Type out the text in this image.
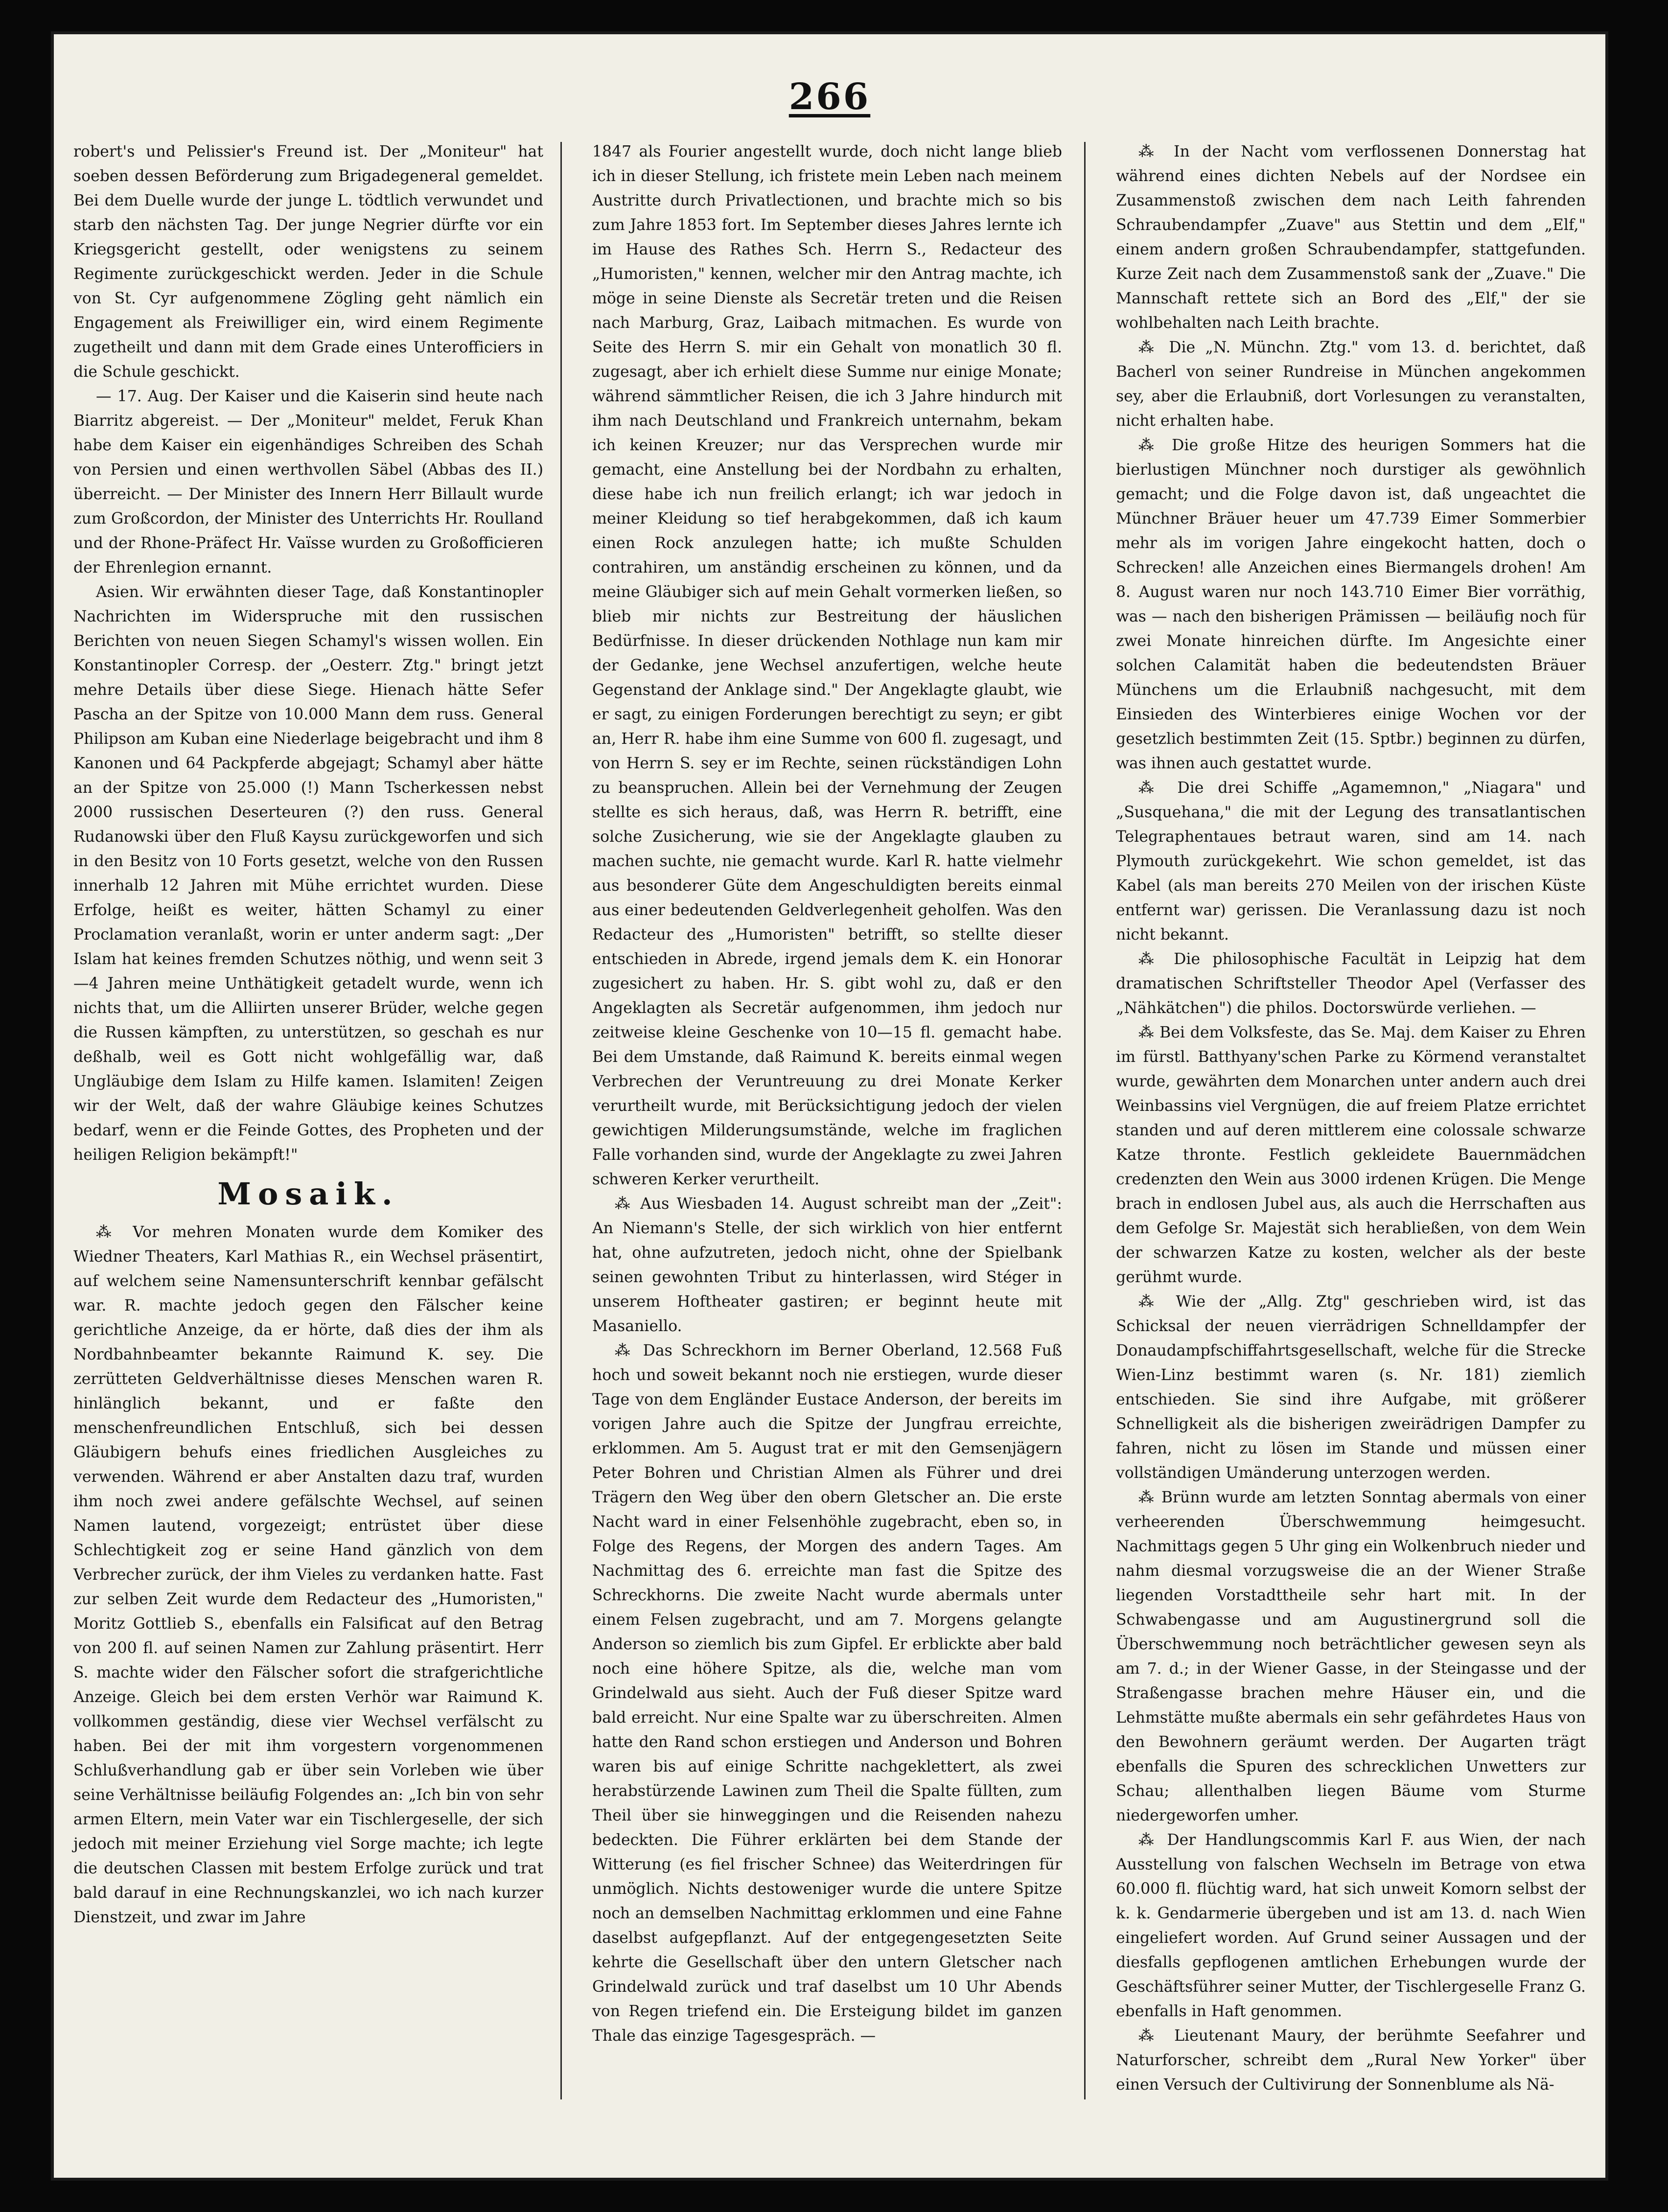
266

robert's und Pelissier's Freund ist. Der „Moniteur" hat soeben dessen Beförderung zum Brigadegeneral gemeldet. Bei dem Duelle wurde der junge L. tödtlich verwundet und starb den nächsten Tag. Der junge Negrier dürfte vor ein Kriegsgericht gestellt, oder wenigstens zu seinem Regimente zurückgeschickt werden. Jeder in die Schule von St. Cyr aufgenommene Zögling geht nämlich ein Engagement als Freiwilliger ein, wird einem Regimente zugetheilt und dann mit dem Grade eines Unterofficiers in die Schule geschickt.

— 17. Aug. Der Kaiser und die Kaiserin sind heute nach Biarritz abgereist. — Der „Moniteur" meldet, Feruk Khan habe dem Kaiser ein eigenhändiges Schreiben des Schah von Persien und einen werthvollen Säbel (Abbas des II.) überreicht. — Der Minister des Innern Herr Billault wurde zum Großcordon, der Minister des Unterrichts Hr. Roulland und der Rhone-Präfect Hr. Vaïsse wurden zu Großofficieren der Ehrenlegion ernannt.

Asien. Wir erwähnten dieser Tage, daß Konstantinopler Nachrichten im Widerspruche mit den russischen Berichten von neuen Siegen Schamyl's wissen wollen. Ein Konstantinopler Corresp. der „Oesterr. Ztg." bringt jetzt mehre Details über diese Siege. Hienach hätte Sefer Pascha an der Spitze von 10.000 Mann dem russ. General Philipson am Kuban eine Niederlage beigebracht und ihm 8 Kanonen und 64 Packpferde abgejagt; Schamyl aber hätte an der Spitze von 25.000 (!) Mann Tscherkessen nebst 2000 russischen Deserteuren (?) den russ. General Rudanowski über den Fluß Kaysu zurückgeworfen und sich in den Besitz von 10 Forts gesetzt, welche von den Russen innerhalb 12 Jahren mit Mühe errichtet wurden. Diese Erfolge, heißt es weiter, hätten Schamyl zu einer Proclamation veranlaßt, worin er unter anderm sagt: „Der Islam hat keines fremden Schutzes nöthig, und wenn seit 3—4 Jahren meine Unthätigkeit getadelt wurde, wenn ich nichts that, um die Alliirten unserer Brüder, welche gegen die Russen kämpften, zu unterstützen, so geschah es nur deßhalb, weil es Gott nicht wohlgefällig war, daß Ungläubige dem Islam zu Hilfe kamen. Islamiten! Zeigen wir der Welt, daß der wahre Gläubige keines Schutzes bedarf, wenn er die Feinde Gottes, des Propheten und der heiligen Religion bekämpft!"

Mosaik.

⁂ Vor mehren Monaten wurde dem Komiker des Wiedner Theaters, Karl Mathias R., ein Wechsel präsentirt, auf welchem seine Namensunterschrift kennbar gefälscht war. R. machte jedoch gegen den Fälscher keine gerichtliche Anzeige, da er hörte, daß dies der ihm als Nordbahnbeamter bekannte Raimund K. sey. Die zerrütteten Geldverhältnisse dieses Menschen waren R. hinlänglich bekannt, und er faßte den menschenfreundlichen Entschluß, sich bei dessen Gläubigern behufs eines friedlichen Ausgleiches zu verwenden. Während er aber Anstalten dazu traf, wurden ihm noch zwei andere gefälschte Wechsel, auf seinen Namen lautend, vorgezeigt; entrüstet über diese Schlechtigkeit zog er seine Hand gänzlich von dem Verbrecher zurück, der ihm Vieles zu verdanken hatte. Fast zur selben Zeit wurde dem Redacteur des „Humoristen," Moritz Gottlieb S., ebenfalls ein Falsificat auf den Betrag von 200 fl. auf seinen Namen zur Zahlung präsentirt. Herr S. machte wider den Fälscher sofort die strafgerichtliche Anzeige. Gleich bei dem ersten Verhör war Raimund K. vollkommen geständig, diese vier Wechsel verfälscht zu haben. Bei der mit ihm vorgestern vorgenommenen Schlußverhandlung gab er über sein Vorleben wie über seine Verhältnisse beiläufig Folgendes an: „Ich bin von sehr armen Eltern, mein Vater war ein Tischlergeselle, der sich jedoch mit meiner Erziehung viel Sorge machte; ich legte die deutschen Classen mit bestem Erfolge zurück und trat bald darauf in eine Rechnungskanzlei, wo ich nach kurzer Dienstzeit, und zwar im Jahre

1847 als Fourier angestellt wurde, doch nicht lange blieb ich in dieser Stellung, ich fristete mein Leben nach meinem Austritte durch Privatlectionen, und brachte mich so bis zum Jahre 1853 fort. Im September dieses Jahres lernte ich im Hause des Rathes Sch. Herrn S., Redacteur des „Humoristen," kennen, welcher mir den Antrag machte, ich möge in seine Dienste als Secretär treten und die Reisen nach Marburg, Graz, Laibach mitmachen. Es wurde von Seite des Herrn S. mir ein Gehalt von monatlich 30 fl. zugesagt, aber ich erhielt diese Summe nur einige Monate; während sämmtlicher Reisen, die ich 3 Jahre hindurch mit ihm nach Deutschland und Frankreich unternahm, bekam ich keinen Kreuzer; nur das Versprechen wurde mir gemacht, eine Anstellung bei der Nordbahn zu erhalten, diese habe ich nun freilich erlangt; ich war jedoch in meiner Kleidung so tief herabgekommen, daß ich kaum einen Rock anzulegen hatte; ich mußte Schulden contrahiren, um anständig erscheinen zu können, und da meine Gläubiger sich auf mein Gehalt vormerken ließen, so blieb mir nichts zur Bestreitung der häuslichen Bedürfnisse. In dieser drückenden Nothlage nun kam mir der Gedanke, jene Wechsel anzufertigen, welche heute Gegenstand der Anklage sind." Der Angeklagte glaubt, wie er sagt, zu einigen Forderungen berechtigt zu seyn; er gibt an, Herr R. habe ihm eine Summe von 600 fl. zugesagt, und von Herrn S. sey er im Rechte, seinen rückständigen Lohn zu beanspruchen. Allein bei der Vernehmung der Zeugen stellte es sich heraus, daß, was Herrn R. betrifft, eine solche Zusicherung, wie sie der Angeklagte glauben zu machen suchte, nie gemacht wurde. Karl R. hatte vielmehr aus besonderer Güte dem Angeschuldigten bereits einmal aus einer bedeutenden Geldverlegenheit geholfen. Was den Redacteur des „Humoristen" betrifft, so stellte dieser entschieden in Abrede, irgend jemals dem K. ein Honorar zugesichert zu haben. Hr. S. gibt wohl zu, daß er den Angeklagten als Secretär aufgenommen, ihm jedoch nur zeitweise kleine Geschenke von 10—15 fl. gemacht habe. Bei dem Umstande, daß Raimund K. bereits einmal wegen Verbrechen der Veruntreuung zu drei Monate Kerker verurtheilt wurde, mit Berücksichtigung jedoch der vielen gewichtigen Milderungsumstände, welche im fraglichen Falle vorhanden sind, wurde der Angeklagte zu zwei Jahren schweren Kerker verurtheilt.

⁂ Aus Wiesbaden 14. August schreibt man der „Zeit": An Niemann's Stelle, der sich wirklich von hier entfernt hat, ohne aufzutreten, jedoch nicht, ohne der Spielbank seinen gewohnten Tribut zu hinterlassen, wird Stéger in unserem Hoftheater gastiren; er beginnt heute mit Masaniello.

⁂ Das Schreckhorn im Berner Oberland, 12.568 Fuß hoch und soweit bekannt noch nie erstiegen, wurde dieser Tage von dem Engländer Eustace Anderson, der bereits im vorigen Jahre auch die Spitze der Jungfrau erreichte, erklommen. Am 5. August trat er mit den Gemsenjägern Peter Bohren und Christian Almen als Führer und drei Trägern den Weg über den obern Gletscher an. Die erste Nacht ward in einer Felsenhöhle zugebracht, eben so, in Folge des Regens, der Morgen des andern Tages. Am Nachmittag des 6. erreichte man fast die Spitze des Schreckhorns. Die zweite Nacht wurde abermals unter einem Felsen zugebracht, und am 7. Morgens gelangte Anderson so ziemlich bis zum Gipfel. Er erblickte aber bald noch eine höhere Spitze, als die, welche man vom Grindelwald aus sieht. Auch der Fuß dieser Spitze ward bald erreicht. Nur eine Spalte war zu überschreiten. Almen hatte den Rand schon erstiegen und Anderson und Bohren waren bis auf einige Schritte nachgeklettert, als zwei herabstürzende Lawinen zum Theil die Spalte füllten, zum Theil über sie hinweggingen und die Reisenden nahezu bedeckten. Die Führer erklärten bei dem Stande der Witterung (es fiel frischer Schnee) das Weiterdringen für unmöglich. Nichts destoweniger wurde die untere Spitze noch an demselben Nachmittag erklommen und eine Fahne daselbst aufgepflanzt. Auf der entgegengesetzten Seite kehrte die Gesellschaft über den untern Gletscher nach Grindelwald zurück und traf daselbst um 10 Uhr Abends von Regen triefend ein. Die Ersteigung bildet im ganzen Thale das einzige Tagesgespräch. —

⁂ In der Nacht vom verflossenen Donnerstag hat während eines dichten Nebels auf der Nordsee ein Zusammenstoß zwischen dem nach Leith fahrenden Schraubendampfer „Zuave" aus Stettin und dem „Elf," einem andern großen Schraubendampfer, stattgefunden. Kurze Zeit nach dem Zusammenstoß sank der „Zuave." Die Mannschaft rettete sich an Bord des „Elf," der sie wohlbehalten nach Leith brachte.

⁂ Die „N. Münchn. Ztg." vom 13. d. berichtet, daß Bacherl von seiner Rundreise in München angekommen sey, aber die Erlaubniß, dort Vorlesungen zu veranstalten, nicht erhalten habe.

⁂ Die große Hitze des heurigen Sommers hat die bierlustigen Münchner noch durstiger als gewöhnlich gemacht; und die Folge davon ist, daß ungeachtet die Münchner Bräuer heuer um 47.739 Eimer Sommerbier mehr als im vorigen Jahre eingekocht hatten, doch o Schrecken! alle Anzeichen eines Biermangels drohen! Am 8. August waren nur noch 143.710 Eimer Bier vorräthig, was — nach den bisherigen Prämissen — beiläufig noch für zwei Monate hinreichen dürfte. Im Angesichte einer solchen Calamität haben die bedeutendsten Bräuer Münchens um die Erlaubniß nachgesucht, mit dem Einsieden des Winterbieres einige Wochen vor der gesetzlich bestimmten Zeit (15. Sptbr.) beginnen zu dürfen, was ihnen auch gestattet wurde.

⁂ Die drei Schiffe „Agamemnon," „Niagara" und „Susquehana," die mit der Legung des transatlantischen Telegraphentaues betraut waren, sind am 14. nach Plymouth zurückgekehrt. Wie schon gemeldet, ist das Kabel (als man bereits 270 Meilen von der irischen Küste entfernt war) gerissen. Die Veranlassung dazu ist noch nicht bekannt.

⁂ Die philosophische Facultät in Leipzig hat dem dramatischen Schriftsteller Theodor Apel (Verfasser des „Nähkätchen") die philos. Doctorswürde verliehen. —

⁂ Bei dem Volksfeste, das Se. Maj. dem Kaiser zu Ehren im fürstl. Batthyany'schen Parke zu Körmend veranstaltet wurde, gewährten dem Monarchen unter andern auch drei Weinbassins viel Vergnügen, die auf freiem Platze errichtet standen und auf deren mittlerem eine colossale schwarze Katze thronte. Festlich gekleidete Bauernmädchen credenzten den Wein aus 3000 irdenen Krügen. Die Menge brach in endlosen Jubel aus, als auch die Herrschaften aus dem Gefolge Sr. Majestät sich herabließen, von dem Wein der schwarzen Katze zu kosten, welcher als der beste gerühmt wurde.

⁂ Wie der „Allg. Ztg" geschrieben wird, ist das Schicksal der neuen vierrädrigen Schnelldampfer der Donaudampfschiffahrtsgesellschaft, welche für die Strecke Wien-Linz bestimmt waren (s. Nr. 181) ziemlich entschieden. Sie sind ihre Aufgabe, mit größerer Schnelligkeit als die bisherigen zweirädrigen Dampfer zu fahren, nicht zu lösen im Stande und müssen einer vollständigen Umänderung unterzogen werden.

⁂ Brünn wurde am letzten Sonntag abermals von einer verheerenden Überschwemmung heimgesucht. Nachmittags gegen 5 Uhr ging ein Wolkenbruch nieder und nahm diesmal vorzugsweise die an der Wiener Straße liegenden Vorstadttheile sehr hart mit. In der Schwabengasse und am Augustinergrund soll die Überschwemmung noch beträchtlicher gewesen seyn als am 7. d.; in der Wiener Gasse, in der Steingasse und der Straßengasse brachen mehre Häuser ein, und die Lehmstätte mußte abermals ein sehr gefährdetes Haus von den Bewohnern geräumt werden. Der Augarten trägt ebenfalls die Spuren des schrecklichen Unwetters zur Schau; allenthalben liegen Bäume vom Sturme niedergeworfen umher.

⁂ Der Handlungscommis Karl F. aus Wien, der nach Ausstellung von falschen Wechseln im Betrage von etwa 60.000 fl. flüchtig ward, hat sich unweit Komorn selbst der k. k. Gendarmerie übergeben und ist am 13. d. nach Wien eingeliefert worden. Auf Grund seiner Aussagen und der diesfalls gepflogenen amtlichen Erhebungen wurde der Geschäftsführer seiner Mutter, der Tischlergeselle Franz G. ebenfalls in Haft genommen.

⁂ Lieutenant Maury, der berühmte Seefahrer und Naturforscher, schreibt dem „Rural New Yorker" über einen Versuch der Cultivirung der Sonnenblume als Nä-
